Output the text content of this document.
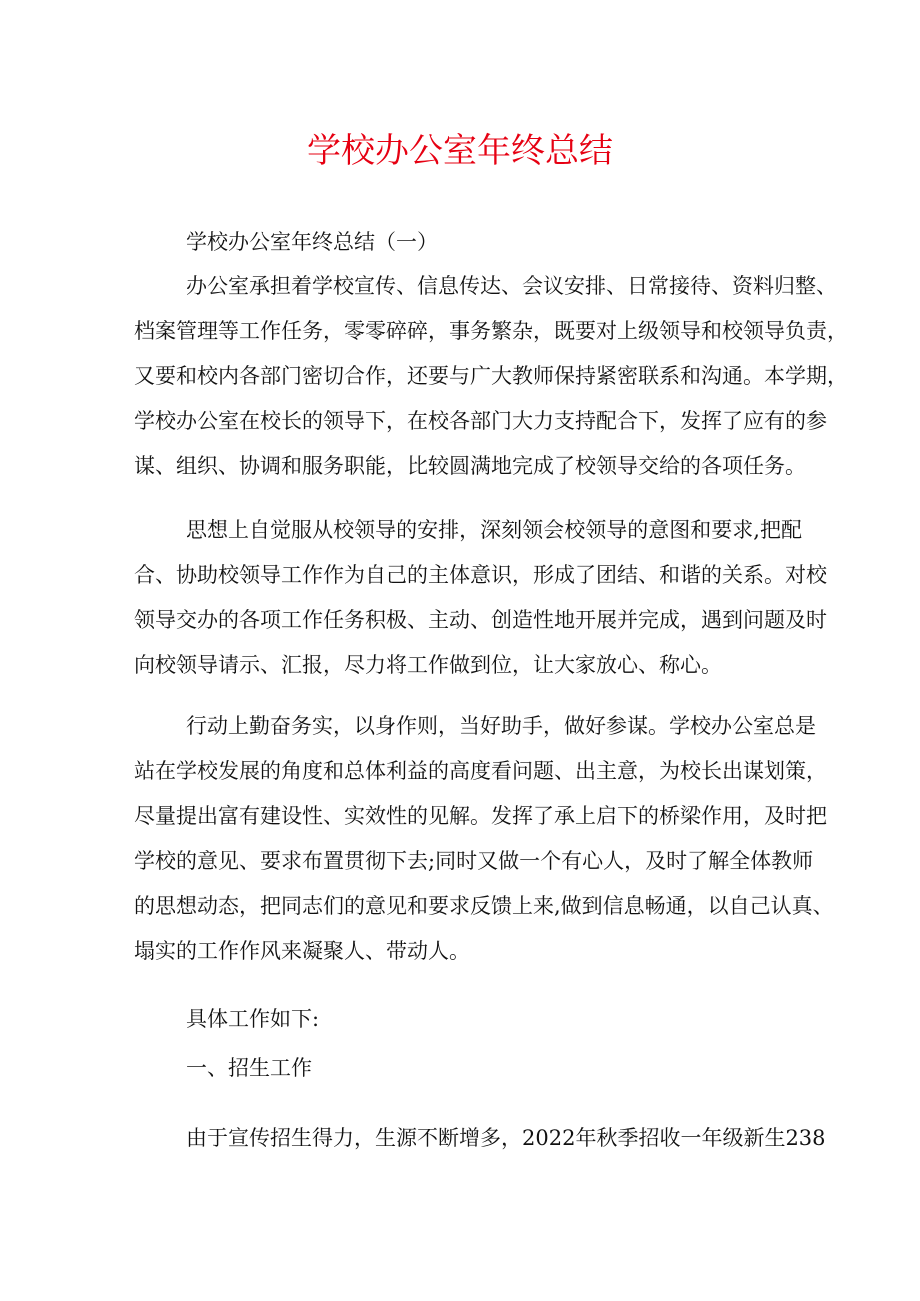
学校办公室年终总结

学校办公室年终总结（一）

办公室承担着学校宣传、信息传达、会议安排、日常接待、资料归整、

档案管理等工作任务，零零碎碎，事务繁杂，既要对上级领导和校领导负责，

又要和校内各部门密切合作，还要与广大教师保持紧密联系和沟通。本学期，

学校办公室在校长的领导下，在校各部门大力支持配合下，发挥了应有的参

谋、组织、协调和服务职能，比较圆满地完成了校领导交给的各项任务。

思想上自觉服从校领导的安排，深刻领会校领导的意图和要求,把配

合、协助校领导工作作为自己的主体意识，形成了团结、和谐的关系。对校

领导交办的各项工作任务积极、主动、创造性地开展并完成，遇到问题及时

向校领导请示、汇报，尽力将工作做到位，让大家放心、称心。

行动上勤奋务实，以身作则，当好助手，做好参谋。学校办公室总是

站在学校发展的角度和总体利益的高度看问题、出主意，为校长出谋划策，

尽量提出富有建设性、实效性的见解。发挥了承上启下的桥梁作用，及时把

学校的意见、要求布置贯彻下去;同时又做一个有心人，及时了解全体教师

的思想动态，把同志们的意见和要求反馈上来,做到信息畅通，以自己认真、

塌实的工作作风来凝聚人、带动人。

具体工作如下:

一、招生工作

由于宣传招生得力，生源不断增多，2022年秋季招收一年级新生238
